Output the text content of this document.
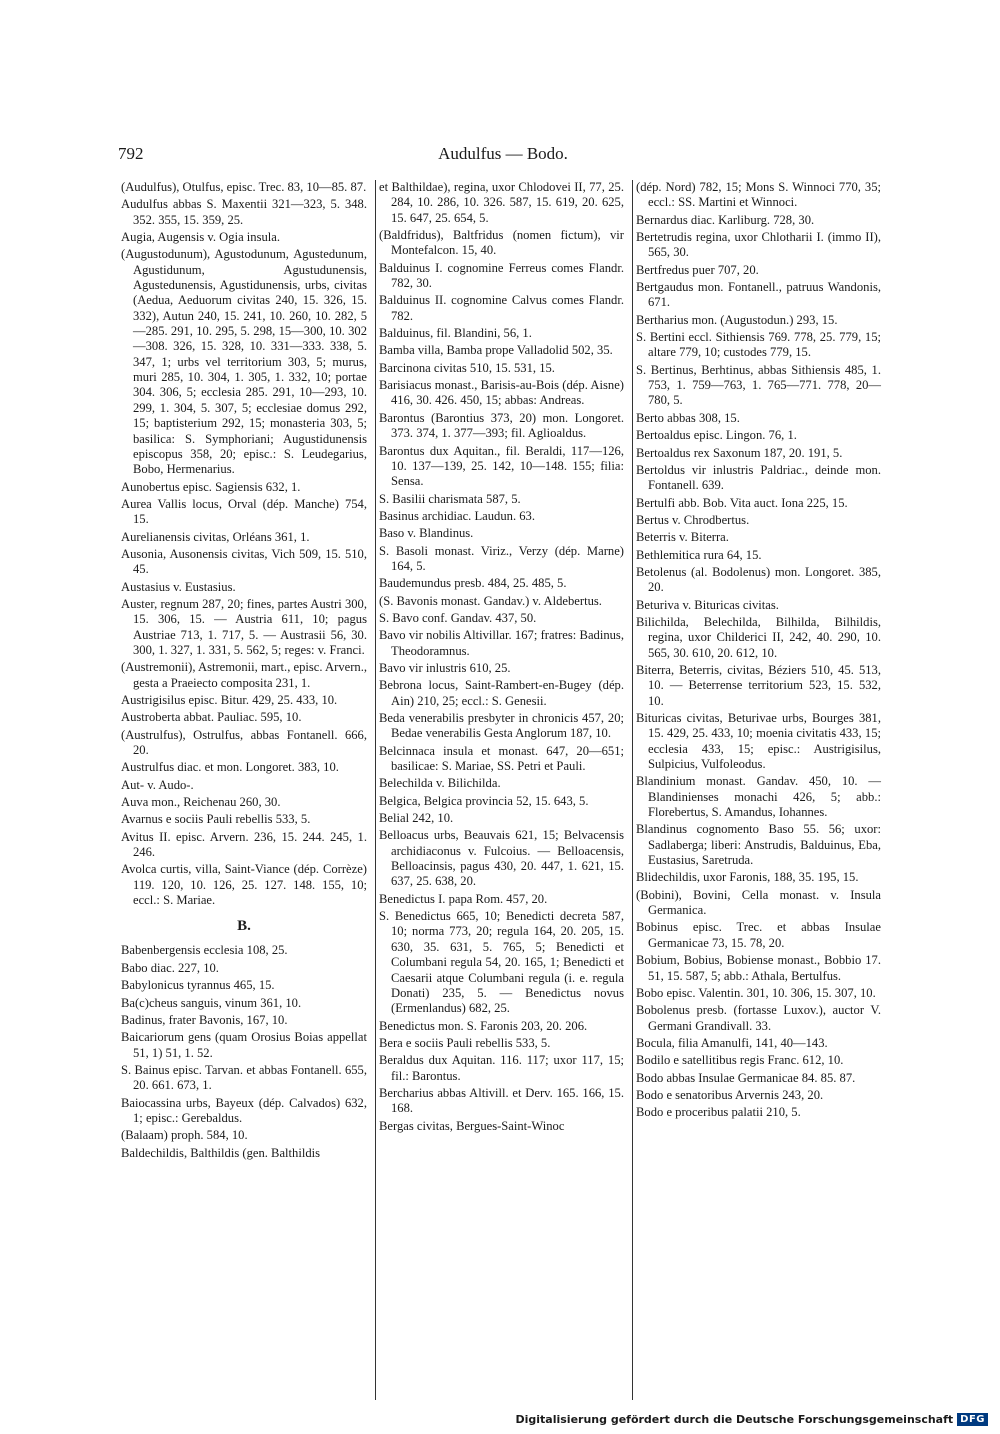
792	Audulfus — Bodo.

(Audulfus), Otulfus, episc. Trec. 83, 10—85. 87.

Audulfus abbas S. Maxentii 321—323, 5. 348. 352. 355, 15. 359, 25.

Augia, Augensis v. Ogia insula.

(Augustodunum), Agustodunum, Agustedunum, Agustidunum, Agustudunensis, Agustedunensis, Agustidunensis, urbs, civitas (Aedua, Aeduorum civitas 240, 15. 326, 15. 332), Autun 240, 15. 241, 10. 260, 10. 282, 5—285. 291, 10. 295, 5. 298, 15—300, 10. 302—308. 326, 15. 328, 10. 331—333. 338, 5. 347, 1; urbs vel territorium 303, 5; murus, muri 285, 10. 304, 1. 305, 1. 332, 10; portae 304. 306, 5; ecclesia 285. 291, 10—293, 10. 299, 1. 304, 5. 307, 5; ecclesiae domus 292, 15; baptisterium 292, 15; monasteria 303, 5; basilica: S. Symphoriani; Augustidunensis episcopus 358, 20; episc.: S. Leudegarius, Bobo, Hermenarius.

Aunobertus episc. Sagiensis 632, 1.

Aurea Vallis locus, Orval (dép. Manche) 754, 15.

Aurelianensis civitas, Orléans 361, 1.

Ausonia, Ausonensis civitas, Vich 509, 15. 510, 45.

Austasius v. Eustasius.

Auster, regnum 287, 20; fines, partes Austri 300, 15. 306, 15. — Austria 611, 10; pagus Austriae 713, 1. 717, 5. — Austrasii 56, 30. 300, 1. 327, 1. 331, 5. 562, 5; reges: v. Franci.

(Austremonii), Astremonii, mart., episc. Arvern., gesta a Praeiecto composita 231, 1.

Austrigisilus episc. Bitur. 429, 25. 433, 10.

Austroberta abbat. Pauliac. 595, 10.

(Austrulfus), Ostrulfus, abbas Fontanell. 666, 20.

Austrulfus diac. et mon. Longoret. 383, 10.

Aut- v. Audo-.

Auva mon., Reichenau 260, 30.

Avarnus e sociis Pauli rebellis 533, 5.

Avitus II. episc. Arvern. 236, 15. 244. 245, 1. 246.

Avolca curtis, villa, Saint-Viance (dép. Corrèze) 119. 120, 10. 126, 25. 127. 148. 155, 10; eccl.: S. Mariae.

B.

Babenbergensis ecclesia 108, 25.

Babo diac. 227, 10.

Babylonicus tyrannus 465, 15.

Ba(c)cheus sanguis, vinum 361, 10.

Badinus, frater Bavonis, 167, 10.

Baicariorum gens (quam Orosius Boias appellat 51, 1) 51, 1. 52.

S. Bainus episc. Tarvan. et abbas Fontanell. 655, 20. 661. 673, 1.

Baiocassina urbs, Bayeux (dép. Calvados) 632, 1; episc.: Gerebaldus.

(Balaam) proph. 584, 10.

Baldechildis, Balthildis (gen. Balthildis

et Balthildae), regina, uxor Chlodovei II, 77, 25. 284, 10. 286, 10. 326. 587, 15. 619, 20. 625, 15. 647, 25. 654, 5.

(Baldfridus), Baltfridus (nomen fictum), vir Montefalcon. 15, 40.

Balduinus I. cognomine Ferreus comes Flandr. 782, 30.

Balduinus II. cognomine Calvus comes Flandr. 782.

Balduinus, fil. Blandini, 56, 1.

Bamba villa, Bamba prope Valladolid 502, 35.

Barcinona civitas 510, 15. 531, 15.

Barisiacus monast., Barisis-au-Bois (dép. Aisne) 416, 30. 426. 450, 15; abbas: Andreas.

Barontus (Barontius 373, 20) mon. Longoret. 373. 374, 1. 377—393; fil. Aglioaldus.

Barontus dux Aquitan., fil. Beraldi, 117—126, 10. 137—139, 25. 142, 10—148. 155; filia: Sensa.

S. Basilii charismata 587, 5.

Basinus archidiac. Laudun. 63.

Baso v. Blandinus.

S. Basoli monast. Viriz., Verzy (dép. Marne) 164, 5.

Baudemundus presb. 484, 25. 485, 5.

(S. Bavonis monast. Gandav.) v. Aldebertus.

S. Bavo conf. Gandav. 437, 50.

Bavo vir nobilis Altivillar. 167; fratres: Badinus, Theodoramnus.

Bavo vir inlustris 610, 25.

Bebrona locus, Saint-Rambert-en-Bugey (dép. Ain) 210, 25; eccl.: S. Genesii.

Beda venerabilis presbyter in chronicis 457, 20; Bedae venerabilis Gesta Anglorum 187, 10.

Belcinnaca insula et monast. 647, 20—651; basilicae: S. Mariae, SS. Petri et Pauli.

Belechilda v. Bilichilda.

Belgica, Belgica provincia 52, 15. 643, 5.

Belial 242, 10.

Belloacus urbs, Beauvais 621, 15; Belvacensis archidiaconus v. Fulcoius. — Belloacensis, Belloacinsis, pagus 430, 20. 447, 1. 621, 15. 637, 25. 638, 20.

Benedictus I. papa Rom. 457, 20.

S. Benedictus 665, 10; Benedicti decreta 587, 10; norma 773, 20; regula 164, 20. 205, 15. 630, 35. 631, 5. 765, 5; Benedicti et Columbani regula 54, 20. 165, 1; Benedicti et Caesarii atque Columbani regula (i. e. regula Donati) 235, 5. — Benedictus novus (Ermenlandus) 682, 25.

Benedictus mon. S. Faronis 203, 20. 206.

Bera e sociis Pauli rebellis 533, 5.

Beraldus dux Aquitan. 116. 117; uxor 117, 15; fil.: Barontus.

Bercharius abbas Altivill. et Derv. 165. 166, 15. 168.

Bergas civitas, Bergues-Saint-Winoc

(dép. Nord) 782, 15; Mons S. Winnoci 770, 35; eccl.: SS. Martini et Winnoci.

Bernardus diac. Karliburg. 728, 30.

Bertetrudis regina, uxor Chlotharii I. (immo II), 565, 30.

Bertfredus puer 707, 20.

Bertgaudus mon. Fontanell., patruus Wandonis, 671.

Bertharius mon. (Augustodun.) 293, 15.

S. Bertini eccl. Sithiensis 769. 778, 25. 779, 15; altare 779, 10; custodes 779, 15.

S. Bertinus, Berhtinus, abbas Sithiensis 485, 1. 753, 1. 759—763, 1. 765—771. 778, 20—780, 5.

Berto abbas 308, 15.

Bertoaldus episc. Lingon. 76, 1.

Bertoaldus rex Saxonum 187, 20. 191, 5.

Bertoldus vir inlustris Paldriac., deinde mon. Fontanell. 639.

Bertulfi abb. Bob. Vita auct. Iona 225, 15.

Bertus v. Chrodbertus.

Beterris v. Biterra.

Bethlemitica rura 64, 15.

Betolenus (al. Bodolenus) mon. Longoret. 385, 20.

Beturiva v. Bituricas civitas.

Bilichilda, Belechilda, Bilhilda, Bilhildis, regina, uxor Childerici II, 242, 40. 290, 10. 565, 30. 610, 20. 612, 10.

Biterra, Beterris, civitas, Béziers 510, 45. 513, 10. — Beterrense territorium 523, 15. 532, 10.

Bituricas civitas, Beturivae urbs, Bourges 381, 15. 429, 25. 433, 10; moenia civitatis 433, 15; ecclesia 433, 15; episc.: Austrigisilus, Sulpicius, Vulfoleodus.

Blandinium monast. Gandav. 450, 10. — Blandinienses monachi 426, 5; abb.: Florebertus, S. Amandus, Iohannes.

Blandinus cognomento Baso 55. 56; uxor: Sadlaberga; liberi: Anstrudis, Balduinus, Eba, Eustasius, Saretruda.

Blidechildis, uxor Faronis, 188, 35. 195, 15.

(Bobini), Bovini, Cella monast. v. Insula Germanica.

Bobinus episc. Trec. et abbas Insulae Germanicae 73, 15. 78, 20.

Bobium, Bobius, Bobiense monast., Bobbio 17. 51, 15. 587, 5; abb.: Athala, Bertulfus.

Bobo episc. Valentin. 301, 10. 306, 15. 307, 10.

Bobolenus presb. (fortasse Luxov.), auctor V. Germani Grandivall. 33.

Bocula, filia Amanulfi, 141, 40—143.

Bodilo e satellitibus regis Franc. 612, 10.

Bodo abbas Insulae Germanicae 84. 85. 87.

Bodo e senatoribus Arvernis 243, 20.

Bodo e proceribus palatii 210, 5.

Digitalisierung gefördert durch die Deutsche Forschungsgemeinschaft DFG
